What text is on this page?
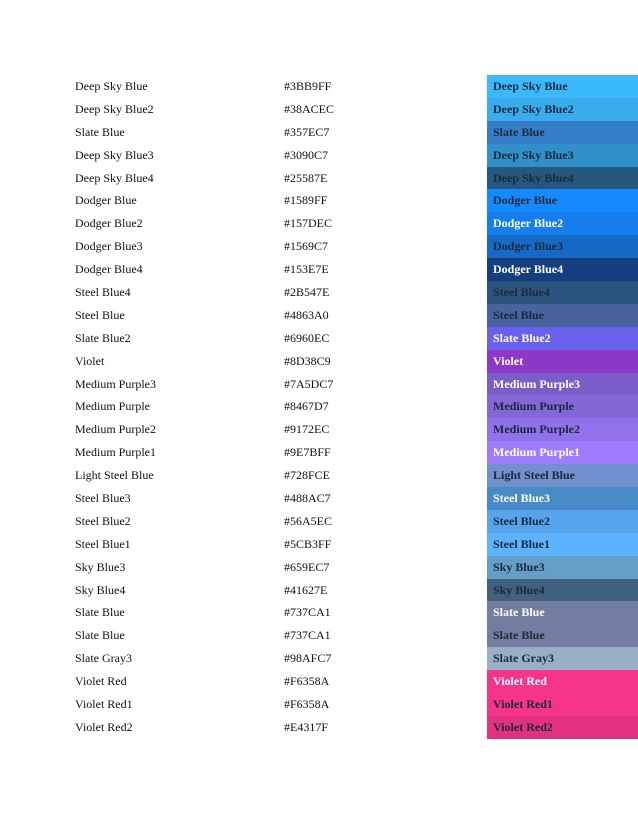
Deep Sky Blue	#3BB9FF	Deep Sky Blue
Deep Sky Blue2	#38ACEC	Deep Sky Blue2
Slate Blue	#357EC7	Slate Blue
Deep Sky Blue3	#3090C7	Deep Sky Blue3
Deep Sky Blue4	#25587E	Deep Sky Blue4
Dodger Blue	#1589FF	Dodger Blue
Dodger Blue2	#157DEC	Dodger Blue2
Dodger Blue3	#1569C7	Dodger Blue3
Dodger Blue4	#153E7E	Dodger Blue4
Steel Blue4	#2B547E	Steel Blue4
Steel Blue	#4863A0	Steel Blue
Slate Blue2	#6960EC	Slate Blue2
Violet	#8D38C9	Violet
Medium Purple3	#7A5DC7	Medium Purple3
Medium Purple	#8467D7	Medium Purple
Medium Purple2	#9172EC	Medium Purple2
Medium Purple1	#9E7BFF	Medium Purple1
Light Steel Blue	#728FCE	Light Steel Blue
Steel Blue3	#488AC7	Steel Blue3
Steel Blue2	#56A5EC	Steel Blue2
Steel Blue1	#5CB3FF	Steel Blue1
Sky Blue3	#659EC7	Sky Blue3
Sky Blue4	#41627E	Sky Blue4
Slate Blue	#737CA1	Slate Blue
Slate Blue	#737CA1	Slate Blue
Slate Gray3	#98AFC7	Slate Gray3
Violet Red	#F6358A	Violet Red
Violet Red1	#F6358A	Violet Red1
Violet Red2	#E4317F	Violet Red2
